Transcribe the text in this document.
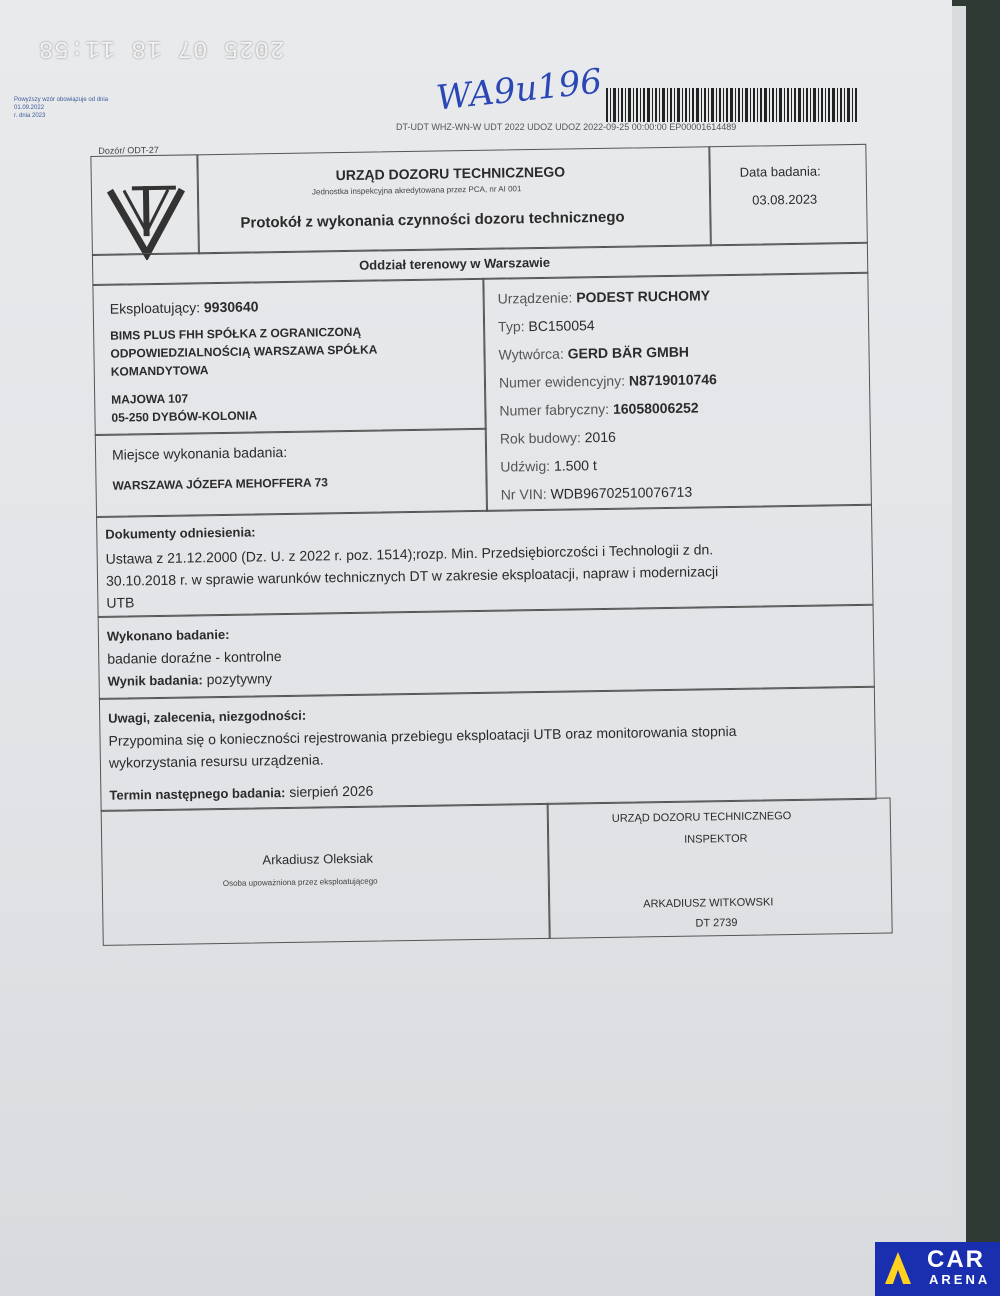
2025 07 18 11:58
Powyższy wzór obowiązuje od dnia
01.09.2022
r. dnia 2023	WA9u196
DT-UDT WHZ-WN-W UDT 2022 UDOZ UDOZ 2022-09-25 00:00:00 EP00001614489
Dozór/ ODT-27
URZĄD DOZORU TECHNICZNEGO
Jednostka inspekcyjna akredytowana przez PCA, nr AI 001
Protokół z wykonania czynności dozoru technicznego
Data badania:
03.08.2023
Oddział terenowy w Warszawie
Eksploatujący: 9930640
BIMS PLUS FHH SPÓŁKA Z OGRANICZONĄ
ODPOWIEDZIALNOŚCIĄ WARSZAWA SPÓŁKA
KOMANDYTOWA
MAJOWA 107
05-250 DYBÓW-KOLONIA
Miejsce wykonania badania:
WARSZAWA JÓZEFA MEHOFFERA 73
Urządzenie: PODEST RUCHOMY
Typ: BC150054
Wytwórca: GERD BÄR GMBH
Numer ewidencyjny: N8719010746
Numer fabryczny: 16058006252
Rok budowy: 2016
Udźwig: 1.500 t
Nr VIN: WDB96702510076713
Dokumenty odniesienia:
Ustawa z 21.12.2000 (Dz. U. z 2022 r. poz. 1514);rozp. Min. Przedsiębiorczości i Technologii z dn.
30.10.2018 r. w sprawie warunków technicznych DT w zakresie eksploatacji, napraw i modernizacji
UTB
Wykonano badanie:
badanie doraźne - kontrolne
Wynik badania: pozytywny
Uwagi, zalecenia, niezgodności:
Przypomina się o konieczności rejestrowania przebiegu eksploatacji UTB oraz monitorowania stopnia
wykorzystania resursu urządzenia.
Termin następnego badania: sierpień 2026
Arkadiusz Oleksiak
Osoba upoważniona przez eksploatującego
URZĄD DOZORU TECHNICZNEGO
INSPEKTOR
ARKADIUSZ WITKOWSKI
DT 2739
CAR
ARENA
